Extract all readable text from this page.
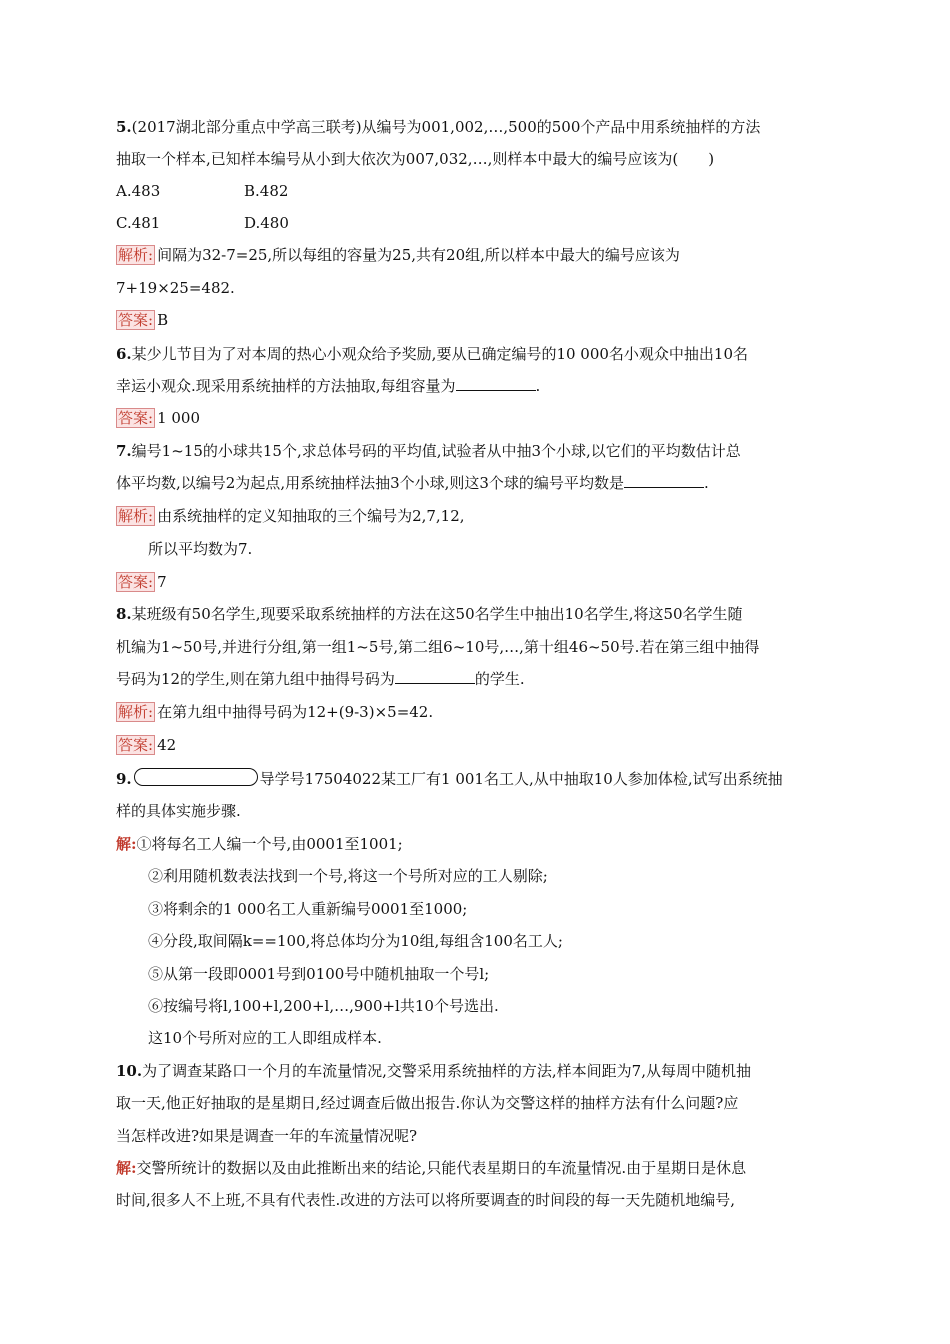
5.(2017湖北部分重点中学高三联考)从编号为001,002,…,500的500个产品中用系统抽样的方法
抽取一个样本,已知样本编号从小到大依次为007,032,…,则样本中最大的编号应该为(　　)
A.483	B.482
C.481	D.480
解析: 间隔为32-7=25,所以每组的容量为25,共有20组,所以样本中最大的编号应该为
7+19×25=482.
答案: B
6.某少儿节目为了对本周的热心小观众给予奖励,要从已确定编号的10 000名小观众中抽出10名
幸运小观众.现采用系统抽样的方法抽取,每组容量为	.
答案: 1 000
7.编号1~15的小球共15个,求总体号码的平均值,试验者从中抽3个小球,以它们的平均数估计总
体平均数,以编号2为起点,用系统抽样法抽3个小球,则这3个球的编号平均数是	.
解析: 由系统抽样的定义知抽取的三个编号为2,7,12,
所以平均数为7.
答案: 7
8.某班级有50名学生,现要采取系统抽样的方法在这50名学生中抽出10名学生,将这50名学生随
机编为1~50号,并进行分组,第一组1~5号,第二组6~10号,…,第十组46~50号.若在第三组中抽得
号码为12的学生,则在第九组中抽得号码为	的学生.
解析: 在第九组中抽得号码为12+(9-3)×5=42.
答案: 42
9.	导学号17504022某工厂有1 001名工人,从中抽取10人参加体检,试写出系统抽
样的具体实施步骤.
解:①将每名工人编一个号,由0001至1001;
②利用随机数表法找到一个号,将这一个号所对应的工人剔除;
③将剩余的1 000名工人重新编号0001至1000;
④分段,取间隔k==100,将总体均分为10组,每组含100名工人;
⑤从第一段即0001号到0100号中随机抽取一个号l;
⑥按编号将l,100+l,200+l,…,900+l共10个号选出.
这10个号所对应的工人即组成样本.
10.为了调查某路口一个月的车流量情况,交警采用系统抽样的方法,样本间距为7,从每周中随机抽
取一天,他正好抽取的是星期日,经过调查后做出报告.你认为交警这样的抽样方法有什么问题?应
当怎样改进?如果是调查一年的车流量情况呢?
解:交警所统计的数据以及由此推断出来的结论,只能代表星期日的车流量情况.由于星期日是休息
时间,很多人不上班,不具有代表性.改进的方法可以将所要调查的时间段的每一天先随机地编号,
